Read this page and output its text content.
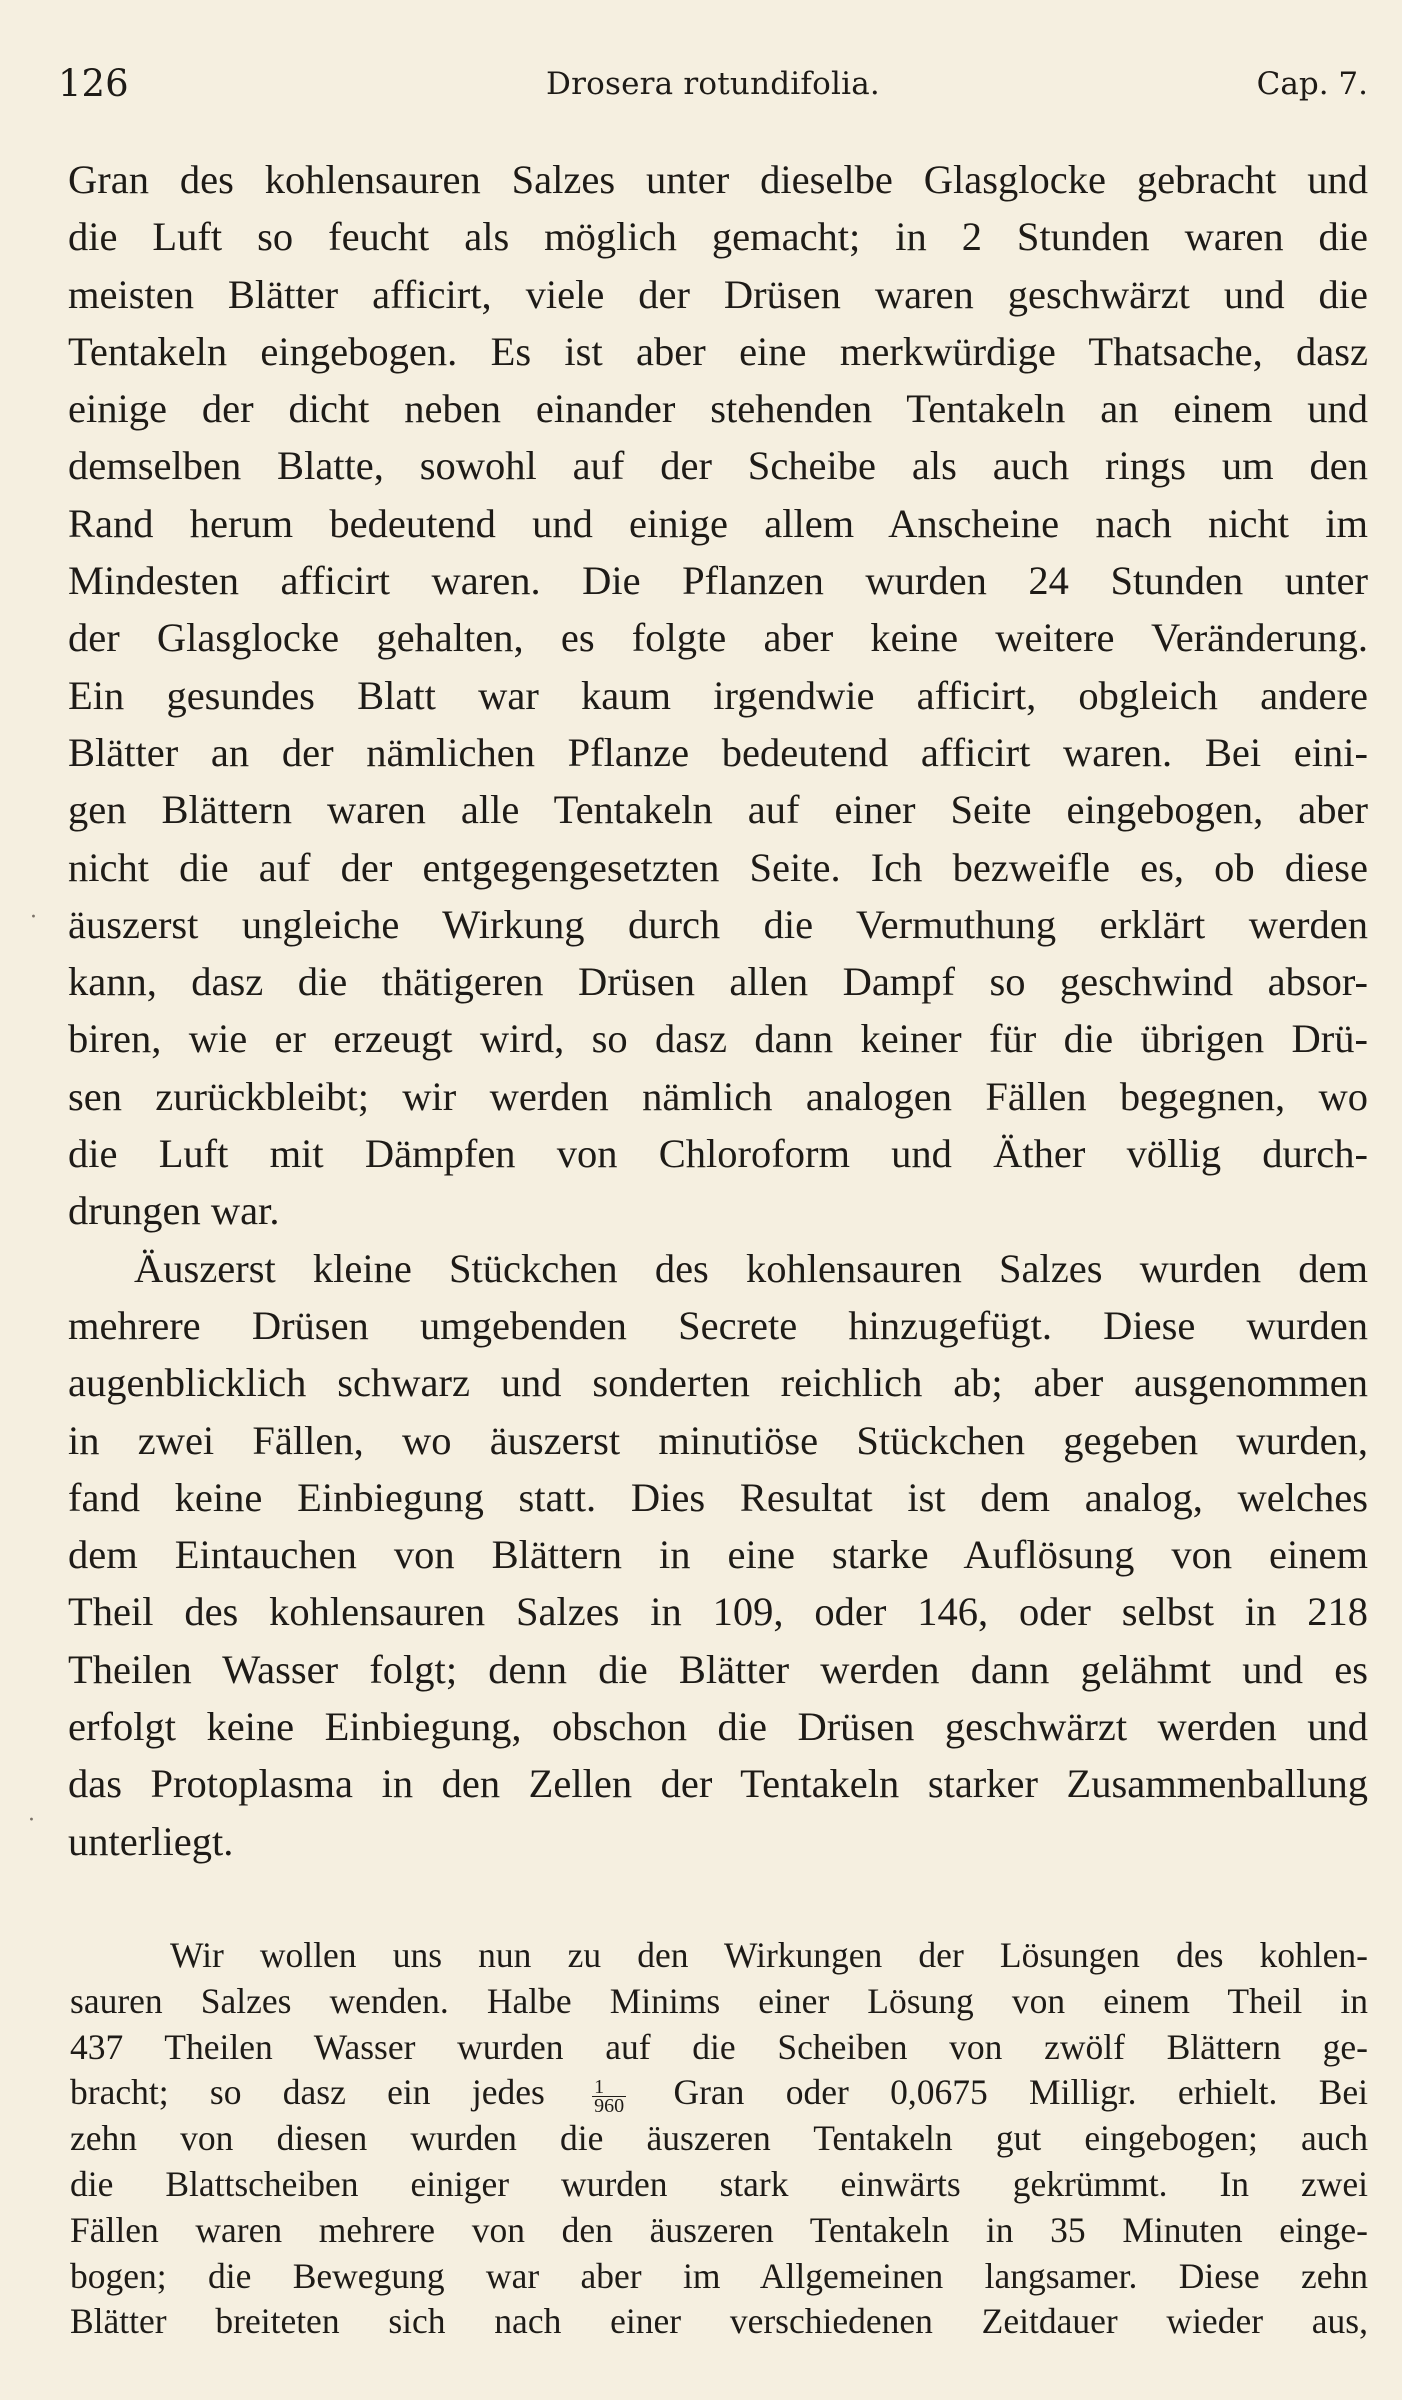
126	Drosera rotundifolia.	Cap. 7.

Gran des kohlensauren Salzes unter dieselbe Glasglocke gebracht und
die Luft so feucht als möglich gemacht; in 2 Stunden waren die
meisten Blätter afficirt, viele der Drüsen waren geschwärzt und die
Tentakeln eingebogen. Es ist aber eine merkwürdige Thatsache, dasz
einige der dicht neben einander stehenden Tentakeln an einem und
demselben Blatte, sowohl auf der Scheibe als auch rings um den
Rand herum bedeutend und einige allem Anscheine nach nicht im
Mindesten afficirt waren. Die Pflanzen wurden 24 Stunden unter
der Glasglocke gehalten, es folgte aber keine weitere Veränderung.
Ein gesundes Blatt war kaum irgendwie afficirt, obgleich andere
Blätter an der nämlichen Pflanze bedeutend afficirt waren. Bei eini-
gen Blättern waren alle Tentakeln auf einer Seite eingebogen, aber
nicht die auf der entgegengesetzten Seite. Ich bezweifle es, ob diese
äuszerst ungleiche Wirkung durch die Vermuthung erklärt werden
kann, dasz die thätigeren Drüsen allen Dampf so geschwind absor-
biren, wie er erzeugt wird, so dasz dann keiner für die übrigen Drü-
sen zurückbleibt; wir werden nämlich analogen Fällen begegnen, wo
die Luft mit Dämpfen von Chloroform und Äther völlig durch-
drungen war.

Äuszerst kleine Stückchen des kohlensauren Salzes wurden dem
mehrere Drüsen umgebenden Secrete hinzugefügt. Diese wurden
augenblicklich schwarz und sonderten reichlich ab; aber ausgenommen
in zwei Fällen, wo äuszerst minutiöse Stückchen gegeben wurden,
fand keine Einbiegung statt. Dies Resultat ist dem analog, welches
dem Eintauchen von Blättern in eine starke Auflösung von einem
Theil des kohlensauren Salzes in 109, oder 146, oder selbst in 218
Theilen Wasser folgt; denn die Blätter werden dann gelähmt und es
erfolgt keine Einbiegung, obschon die Drüsen geschwärzt werden und
das Protoplasma in den Zellen der Tentakeln starker Zusammenballung
unterliegt.

Wir wollen uns nun zu den Wirkungen der Lösungen des kohlen-
sauren Salzes wenden. Halbe Minims einer Lösung von einem Theil in
437 Theilen Wasser wurden auf die Scheiben von zwölf Blättern ge-
bracht; so dasz ein jedes $\frac{1}{960}$ Gran oder 0,0675 Milligr. erhielt. Bei
zehn von diesen wurden die äuszeren Tentakeln gut eingebogen; auch
die Blattscheiben einiger wurden stark einwärts gekrümmt. In zwei
Fällen waren mehrere von den äuszeren Tentakeln in 35 Minuten einge-
bogen; die Bewegung war aber im Allgemeinen langsamer. Diese zehn
Blätter breiteten sich nach einer verschiedenen Zeitdauer wieder aus,

·
·
